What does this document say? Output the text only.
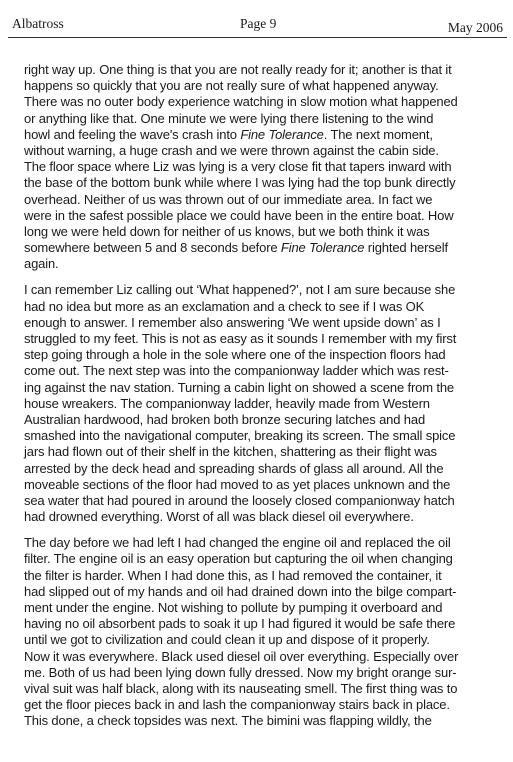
Albatross	Page 9	May 2006
right way up. One thing is that you are not really ready for it; another is that it
happens so quickly that you are not really sure of what happened anyway.
There was no outer body experience watching in slow motion what happened
or anything like that. One minute we were lying there listening to the wind
howl and feeling the wave's crash into Fine Tolerance. The next moment,
without warning, a huge crash and we were thrown against the cabin side.
The floor space where Liz was lying is a very close fit that tapers inward with
the base of the bottom bunk while where I was lying had the top bunk directly
overhead. Neither of us was thrown out of our immediate area. In fact we
were in the safest possible place we could have been in the entire boat. How
long we were held down for neither of us knows, but we both think it was
somewhere between 5 and 8 seconds before Fine Tolerance righted herself
again.
I can remember Liz calling out ‘What happened?’, not I am sure because she
had no idea but more as an exclamation and a check to see if I was OK
enough to answer. I remember also answering ‘We went upside down’ as I
struggled to my feet. This is not as easy as it sounds I remember with my first
step going through a hole in the sole where one of the inspection floors had
come out. The next step was into the companionway ladder which was rest-
ing against the nav station. Turning a cabin light on showed a scene from the
house wreakers. The companionway ladder, heavily made from Western
Australian hardwood, had broken both bronze securing latches and had
smashed into the navigational computer, breaking its screen. The small spice
jars had flown out of their shelf in the kitchen, shattering as their flight was
arrested by the deck head and spreading shards of glass all around. All the
moveable sections of the floor had moved to as yet places unknown and the
sea water that had poured in around the loosely closed companionway hatch
had drowned everything. Worst of all was black diesel oil everywhere.
The day before we had left I had changed the engine oil and replaced the oil
filter. The engine oil is an easy operation but capturing the oil when changing
the filter is harder. When I had done this, as I had removed the container, it
had slipped out of my hands and oil had drained down into the bilge compart-
ment under the engine. Not wishing to pollute by pumping it overboard and
having no oil absorbent pads to soak it up I had figured it would be safe there
until we got to civilization and could clean it up and dispose of it properly.
Now it was everywhere. Black used diesel oil over everything. Especially over
me. Both of us had been lying down fully dressed. Now my bright orange sur-
vival suit was half black, along with its nauseating smell. The first thing was to
get the floor pieces back in and lash the companionway stairs back in place.
This done, a check topsides was next. The bimini was flapping wildly, the
